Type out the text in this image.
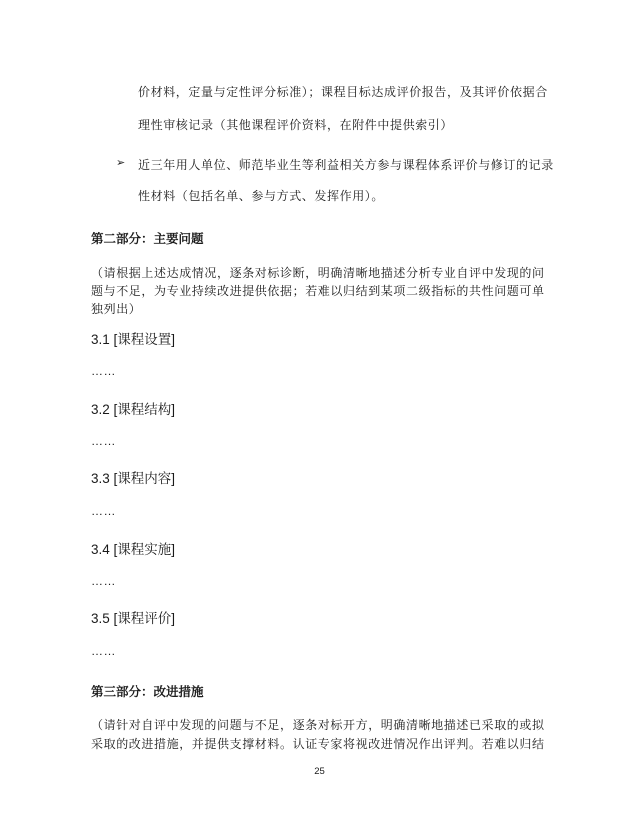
价材料，定量与定性评分标准）；课程目标达成评价报告，及其评价依据合
理性审核记录（其他课程评价资料，在附件中提供索引）
➢ 近三年用人单位、师范毕业生等利益相关方参与课程体系评价与修订的记录
性材料（包括名单、参与方式、发挥作用）。
第二部分：主要问题
（请根据上述达成情况，逐条对标诊断，明确清晰地描述分析专业自评中发现的问
题与不足，为专业持续改进提供依据；若难以归结到某项二级指标的共性问题可单
独列出）
3.1 [课程设置]
……
3.2 [课程结构]
……
3.3 [课程内容]
……
3.4 [课程实施]
……
3.5 [课程评价]
……
第三部分：改进措施
（请针对自评中发现的问题与不足，逐条对标开方，明确清晰地描述已采取的或拟
采取的改进措施，并提供支撑材料。认证专家将视改进情况作出评判。若难以归结
25
